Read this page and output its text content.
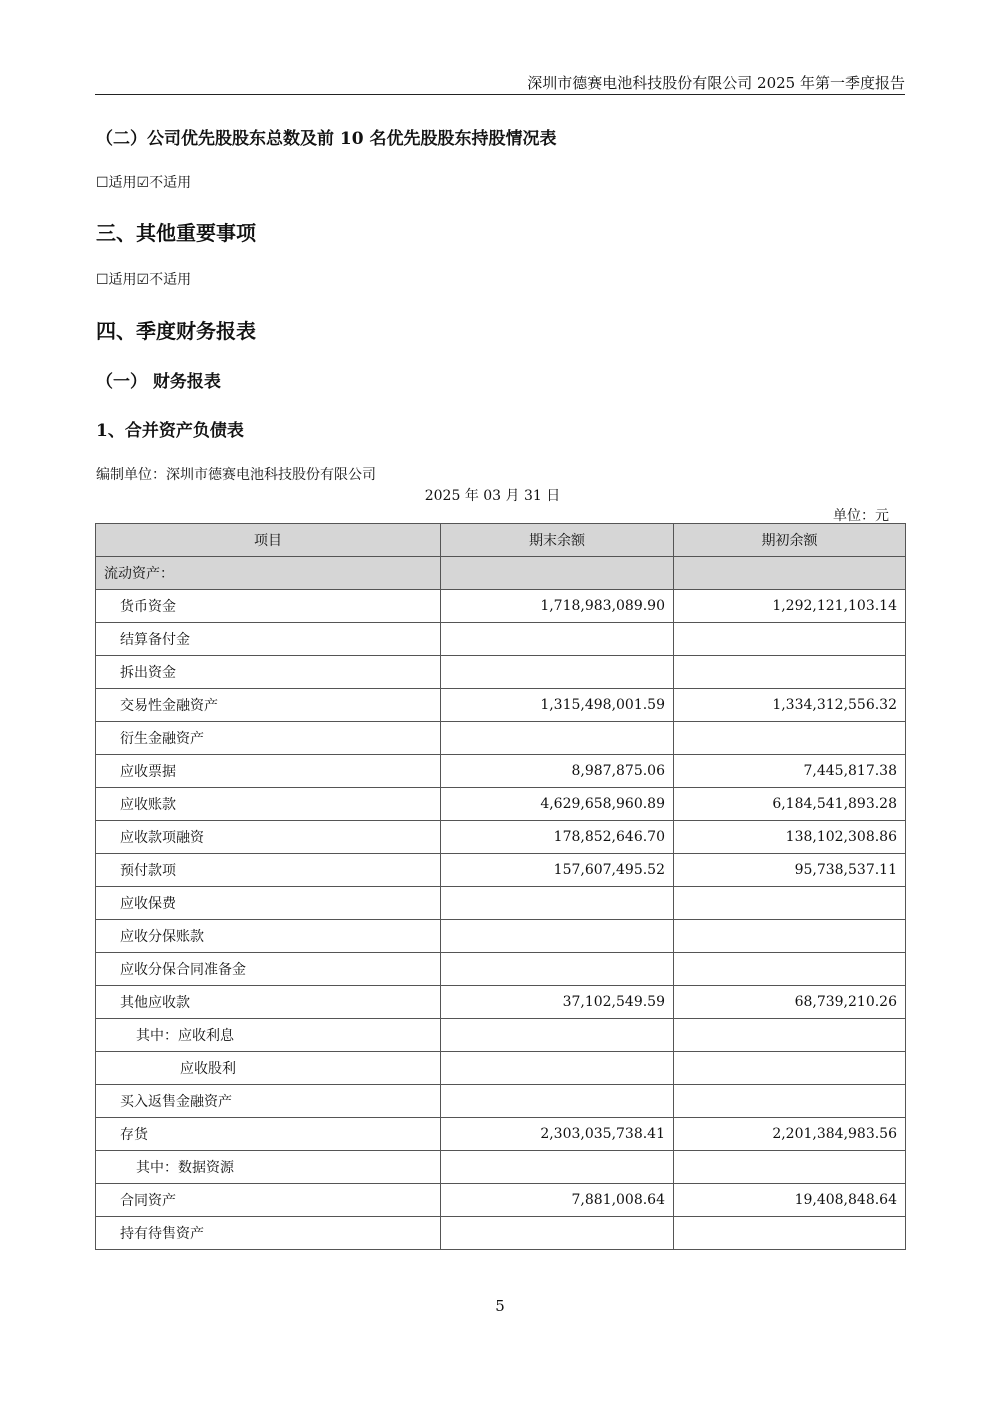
深圳市德赛电池科技股份有限公司 2025 年第一季度报告
（二）公司优先股股东总数及前 10 名优先股股东持股情况表
☐适用☑不适用
三、其他重要事项
☐适用☑不适用
四、季度财务报表
（一） 财务报表
1、合并资产负债表
编制单位：深圳市德赛电池科技股份有限公司
2025 年 03 月 31 日
单位：元
项目	期末余额	期初余额
流动资产：		
货币资金	1,718,983,089.90	1,292,121,103.14
结算备付金		
拆出资金		
交易性金融资产	1,315,498,001.59	1,334,312,556.32
衍生金融资产		
应收票据	8,987,875.06	7,445,817.38
应收账款	4,629,658,960.89	6,184,541,893.28
应收款项融资	178,852,646.70	138,102,308.86
预付款项	157,607,495.52	95,738,537.11
应收保费		
应收分保账款		
应收分保合同准备金		
其他应收款	37,102,549.59	68,739,210.26
其中：应收利息		
应收股利		
买入返售金融资产		
存货	2,303,035,738.41	2,201,384,983.56
其中：数据资源		
合同资产	7,881,008.64	19,408,848.64
持有待售资产		
5
